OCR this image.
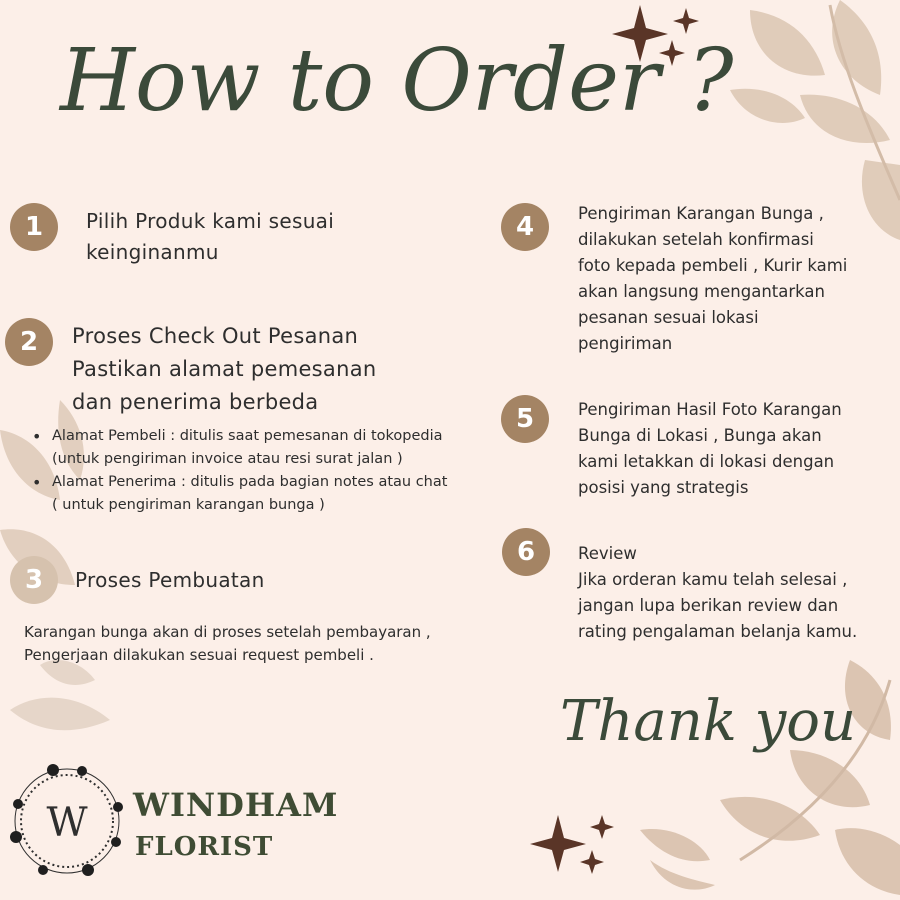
How to Order ?
1	Pilih Produk kami sesuai
keinginanmu
2	Proses Check Out Pesanan
Pastikan alamat pemesanan
dan penerima berbeda
• Alamat Pembeli : ditulis saat pemesanan di tokopedia
(untuk pengiriman invoice atau resi surat jalan )
• Alamat Penerima : ditulis pada bagian notes atau chat
( untuk pengiriman karangan bunga )
3	Proses Pembuatan
Karangan bunga akan di proses setelah pembayaran ,
Pengerjaan dilakukan sesuai request pembeli .
4	Pengiriman Karangan Bunga ,
dilakukan setelah konfirmasi
foto kepada pembeli , Kurir kami
akan langsung mengantarkan
pesanan sesuai lokasi
pengiriman
5	Pengiriman Hasil Foto Karangan
Bunga di Lokasi , Bunga akan
kami letakkan di lokasi dengan
posisi yang strategis
6	Review
Jika orderan kamu telah selesai ,
jangan lupa berikan review dan
rating pengalaman belanja kamu.
Thank you
W WINDHAM
FLORIST
